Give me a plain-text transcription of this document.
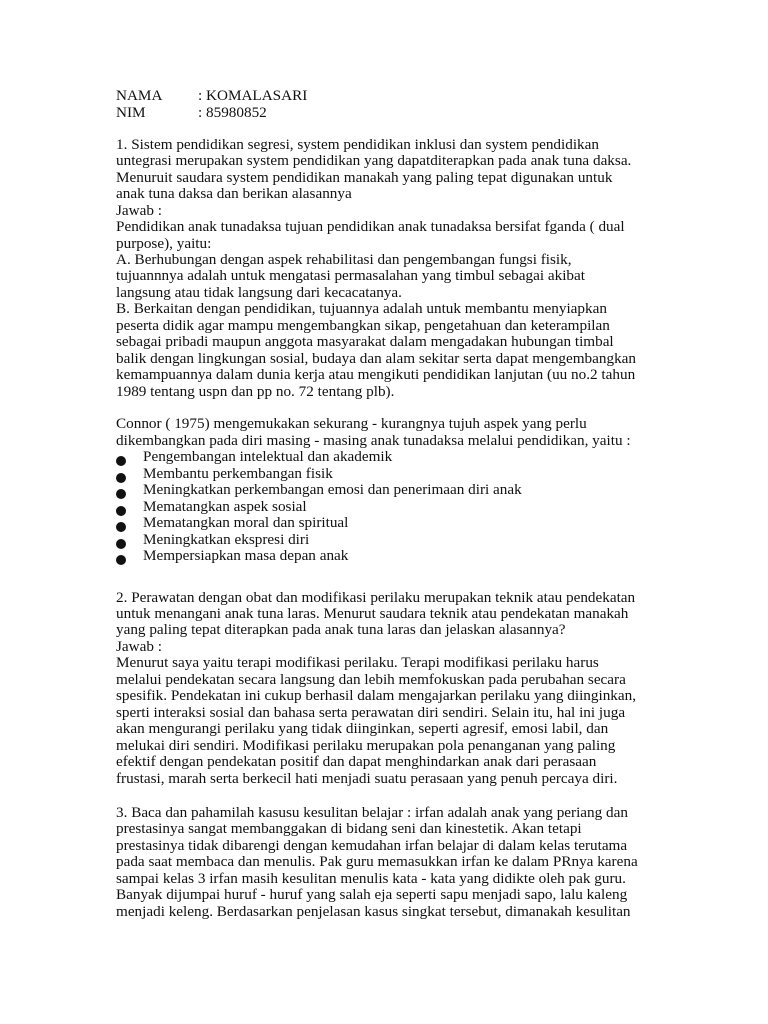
NAMA : KOMALASARI
NIM	: 85980852
1. Sistem pendidikan segresi, system pendidikan inklusi dan system pendidikan
untegrasi merupakan system pendidikan yang dapatditerapkan pada anak tuna daksa.
Menuruit saudara system pendidikan manakah yang paling tepat digunakan untuk
anak tuna daksa dan berikan alasannya
Jawab :
Pendidikan anak tunadaksa tujuan pendidikan anak tunadaksa bersifat fganda ( dual
purpose), yaitu:
A. Berhubungan dengan aspek rehabilitasi dan pengembangan fungsi fisik,
tujuannnya adalah untuk mengatasi permasalahan yang timbul sebagai akibat
langsung atau tidak langsung dari kecacatanya.
B. Berkaitan dengan pendidikan, tujuannya adalah untuk membantu menyiapkan
peserta didik agar mampu mengembangkan sikap, pengetahuan dan keterampilan
sebagai pribadi maupun anggota masyarakat dalam mengadakan hubungan timbal
balik dengan lingkungan sosial, budaya dan alam sekitar serta dapat mengembangkan
kemampuannya dalam dunia kerja atau mengikuti pendidikan lanjutan (uu no.2 tahun
1989 tentang uspn dan pp no. 72 tentang plb).
Connor ( 1975) mengemukakan sekurang - kurangnya tujuh aspek yang perlu
dikembangkan pada diri masing - masing anak tunadaksa melalui pendidikan, yaitu :
Pengembangan intelektual dan akademik
Membantu perkembangan fisik
Meningkatkan perkembangan emosi dan penerimaan diri anak
Mematangkan aspek sosial
Mematangkan moral dan spiritual
Meningkatkan ekspresi diri
Mempersiapkan masa depan anak
2. Perawatan dengan obat dan modifikasi perilaku merupakan teknik atau pendekatan
untuk menangani anak tuna laras. Menurut saudara teknik atau pendekatan manakah
yang paling tepat diterapkan pada anak tuna laras dan jelaskan alasannya?
Jawab :
Menurut saya yaitu terapi modifikasi perilaku. Terapi modifikasi perilaku harus
melalui pendekatan secara langsung dan lebih memfokuskan pada perubahan secara
spesifik. Pendekatan ini cukup berhasil dalam mengajarkan perilaku yang diinginkan,
sperti interaksi sosial dan bahasa serta perawatan diri sendiri. Selain itu, hal ini juga
akan mengurangi perilaku yang tidak diinginkan, seperti agresif, emosi labil, dan
melukai diri sendiri. Modifikasi perilaku merupakan pola penanganan yang paling
efektif dengan pendekatan positif dan dapat menghindarkan anak dari perasaan
frustasi, marah serta berkecil hati menjadi suatu perasaan yang penuh percaya diri.
3. Baca dan pahamilah kasusu kesulitan belajar : irfan adalah anak yang periang dan
prestasinya sangat membanggakan di bidang seni dan kinestetik. Akan tetapi
prestasinya tidak dibarengi dengan kemudahan irfan belajar di dalam kelas terutama
pada saat membaca dan menulis. Pak guru memasukkan irfan ke dalam PRnya karena
sampai kelas 3 irfan masih kesulitan menulis kata - kata yang didikte oleh pak guru.
Banyak dijumpai huruf - huruf yang salah eja seperti sapu menjadi sapo, lalu kaleng
menjadi keleng. Berdasarkan penjelasan kasus singkat tersebut, dimanakah kesulitan
